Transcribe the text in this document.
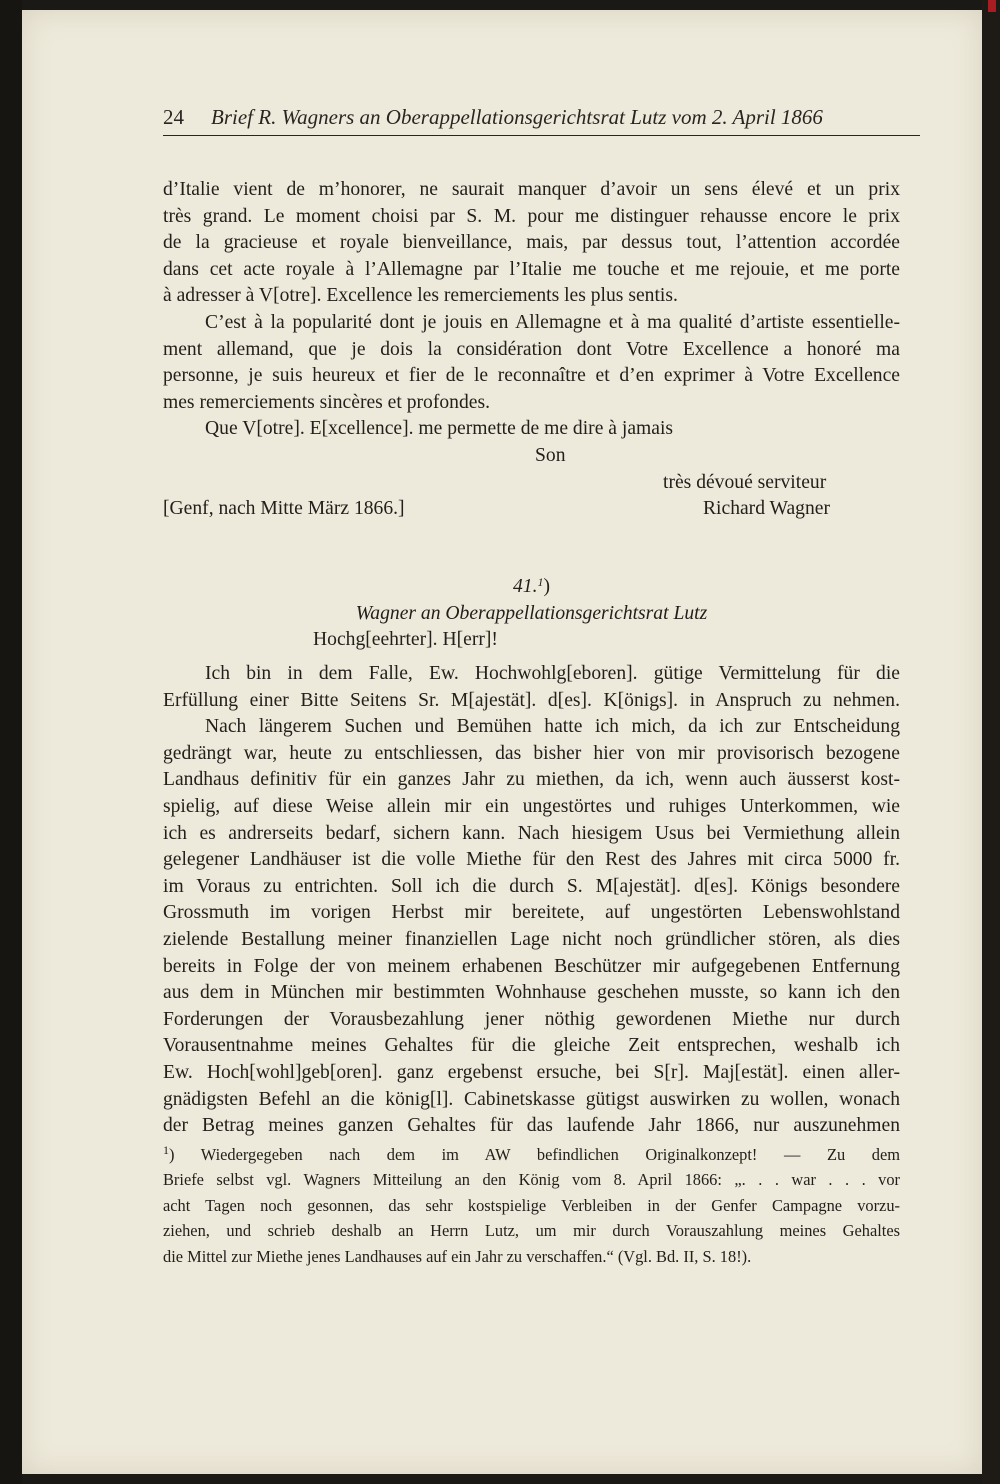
24 Brief R. Wagners an Oberappellationsgerichtsrat Lutz vom 2. April 1866
d’Italie vient de m’honorer, ne saurait manquer d’avoir un sens élevé et un prix
très grand. Le moment choisi par S. M. pour me distinguer rehausse encore le prix
de la gracieuse et royale bienveillance, mais, par dessus tout, l’attention accordée
dans cet acte royale à l’Allemagne par l’Italie me touche et me rejouie, et me porte
à adresser à V[otre]. Excellence les remerciements les plus sentis.
C’est à la popularité dont je jouis en Allemagne et à ma qualité d’artiste essentielle-
ment allemand, que je dois la considération dont Votre Excellence a honoré ma
personne, je suis heureux et fier de le reconnaître et d’en exprimer à Votre Excellence
mes remerciements sincères et profondes.
Que V[otre]. E[xcellence]. me permette de me dire à jamais
Son
très dévoué serviteur
[Genf, nach Mitte März 1866.]	Richard Wagner
41.$^1$)
Wagner an Oberappellationsgerichtsrat Lutz
Hochg[eehrter]. H[err]!
Ich bin in dem Falle, Ew. Hochwohlg[eboren]. gütige Vermittelung für die
Erfüllung einer Bitte Seitens Sr. M[ajestät]. d[es]. K[önigs]. in Anspruch zu nehmen.
Nach längerem Suchen und Bemühen hatte ich mich, da ich zur Entscheidung
gedrängt war, heute zu entschliessen, das bisher hier von mir provisorisch bezogene
Landhaus definitiv für ein ganzes Jahr zu miethen, da ich, wenn auch äusserst kost-
spielig, auf diese Weise allein mir ein ungestörtes und ruhiges Unterkommen, wie
ich es andrerseits bedarf, sichern kann. Nach hiesigem Usus bei Vermiethung allein
gelegener Landhäuser ist die volle Miethe für den Rest des Jahres mit circa 5000 fr.
im Voraus zu entrichten. Soll ich die durch S. M[ajestät]. d[es]. Königs besondere
Grossmuth im vorigen Herbst mir bereitete, auf ungestörten Lebenswohlstand
zielende Bestallung meiner finanziellen Lage nicht noch gründlicher stören, als dies
bereits in Folge der von meinem erhabenen Beschützer mir aufgegebenen Entfernung
aus dem in München mir bestimmten Wohnhause geschehen musste, so kann ich den
Forderungen der Vorausbezahlung jener nöthig gewordenen Miethe nur durch
Vorausentnahme meines Gehaltes für die gleiche Zeit entsprechen, weshalb ich
Ew. Hoch[wohl]geb[oren]. ganz ergebenst ersuche, bei S[r]. Maj[estät]. einen aller-
gnädigsten Befehl an die könig[l]. Cabinetskasse gütigst auswirken zu wollen, wonach
der Betrag meines ganzen Gehaltes für das laufende Jahr 1866, nur auszunehmen
$^1$) Wiedergegeben nach dem im AW befindlichen Originalkonzept! — Zu dem
Briefe selbst vgl. Wagners Mitteilung an den König vom 8. April 1866: „. . . war . . . vor
acht Tagen noch gesonnen, das sehr kostspielige Verbleiben in der Genfer Campagne vorzu-
ziehen, und schrieb deshalb an Herrn Lutz, um mir durch Vorauszahlung meines Gehaltes
die Mittel zur Miethe jenes Landhauses auf ein Jahr zu verschaffen.“ (Vgl. Bd. II, S. 18!).
